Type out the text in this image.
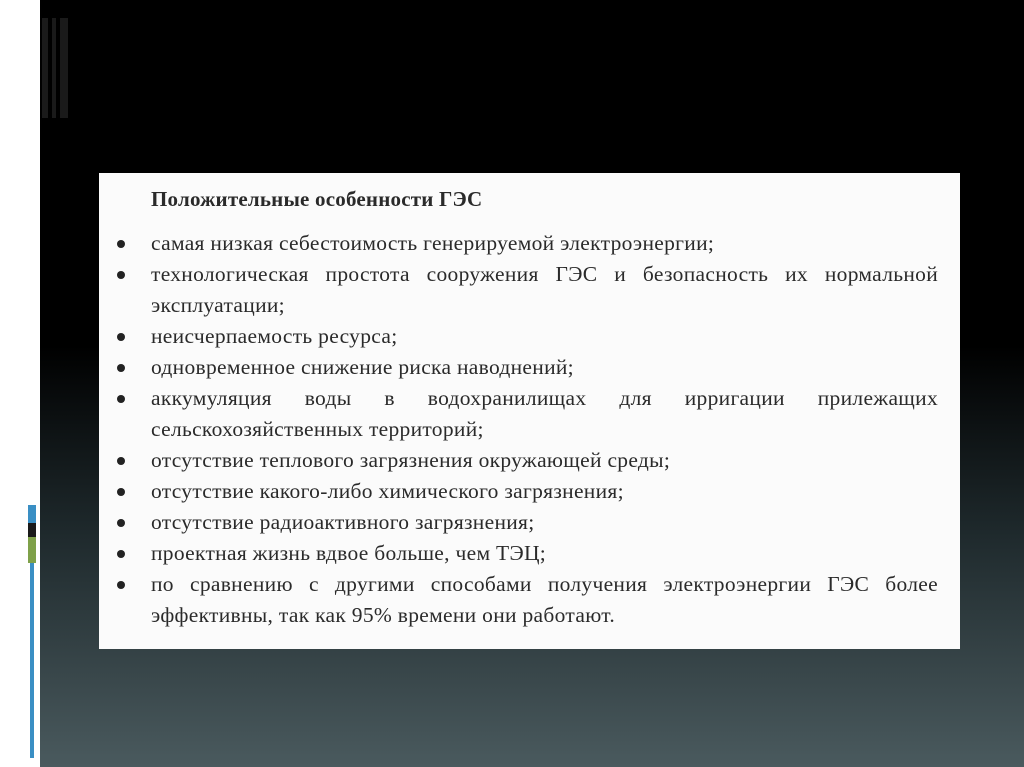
Положительные особенности ГЭС
самая низкая себестоимость генерируемой электроэнергии;
технологическая простота сооружения ГЭС и безопасность их нормальной эксплуатации;
неисчерпаемость ресурса;
одновременное снижение риска наводнений;
аккумуляция воды в водохранилищах для ирригации прилежащих сельскохозяйственных территорий;
отсутствие теплового загрязнения окружающей среды;
отсутствие какого-либо химического загрязнения;
отсутствие радиоактивного загрязнения;
проектная жизнь вдвое больше, чем ТЭЦ;
по сравнению с другими способами получения электроэнергии ГЭС более эффективны, так как 95% времени они работают.
